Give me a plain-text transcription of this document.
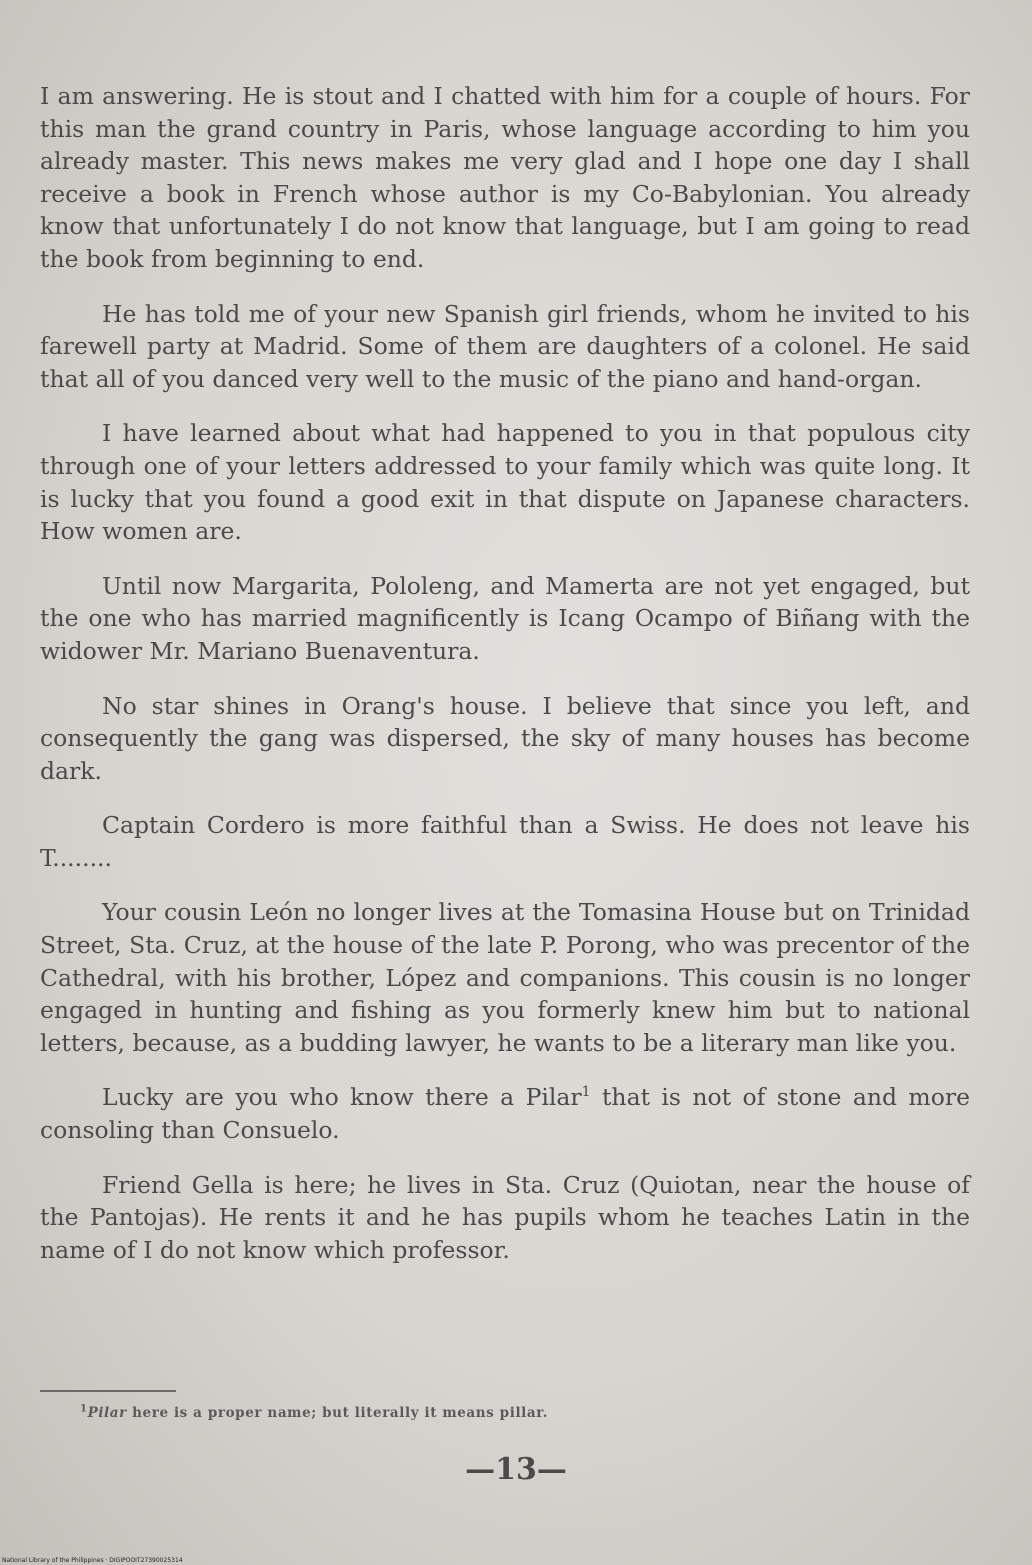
I am answering. He is stout and I chatted with him for a couple of hours. For this man the grand country in Paris, whose language according to him you already master. This news makes me very glad and I hope one day I shall receive a book in French whose author is my Co-Babylonian. You already know that unfortunately I do not know that language, but I am going to read the book from beginning to end.

He has told me of your new Spanish girl friends, whom he invited to his farewell party at Madrid. Some of them are daughters of a colonel. He said that all of you danced very well to the music of the piano and hand-organ.

I have learned about what had happened to you in that populous city through one of your letters addressed to your family which was quite long. It is lucky that you found a good exit in that dispute on Japanese characters. How women are.

Until now Margarita, Pololeng, and Mamerta are not yet engaged, but the one who has married magnificently is Icang Ocampo of Biñang with the widower Mr. Mariano Buenaventura.

No star shines in Orang's house. I believe that since you left, and consequently the gang was dispersed, the sky of many houses has become dark.

Captain Cordero is more faithful than a Swiss. He does not leave his T........

Your cousin León no longer lives at the Tomasina House but on Trinidad Street, Sta. Cruz, at the house of the late P. Porong, who was precentor of the Cathedral, with his brother, López and companions. This cousin is no longer engaged in hunting and fishing as you formerly knew him but to national letters, because, as a budding lawyer, he wants to be a literary man like you.

Lucky are you who know there a Pilar$^1$ that is not of stone and more consoling than Consuelo.

Friend Gella is here; he lives in Sta. Cruz (Quiotan, near the house of the Pantojas). He rents it and he has pupils whom he teaches Latin in the name of I do not know which professor.

$^1$Pilar here is a proper name; but literally it means pillar.
—13—
National Library of the Philippines · DIGIPOOIT27390025314
